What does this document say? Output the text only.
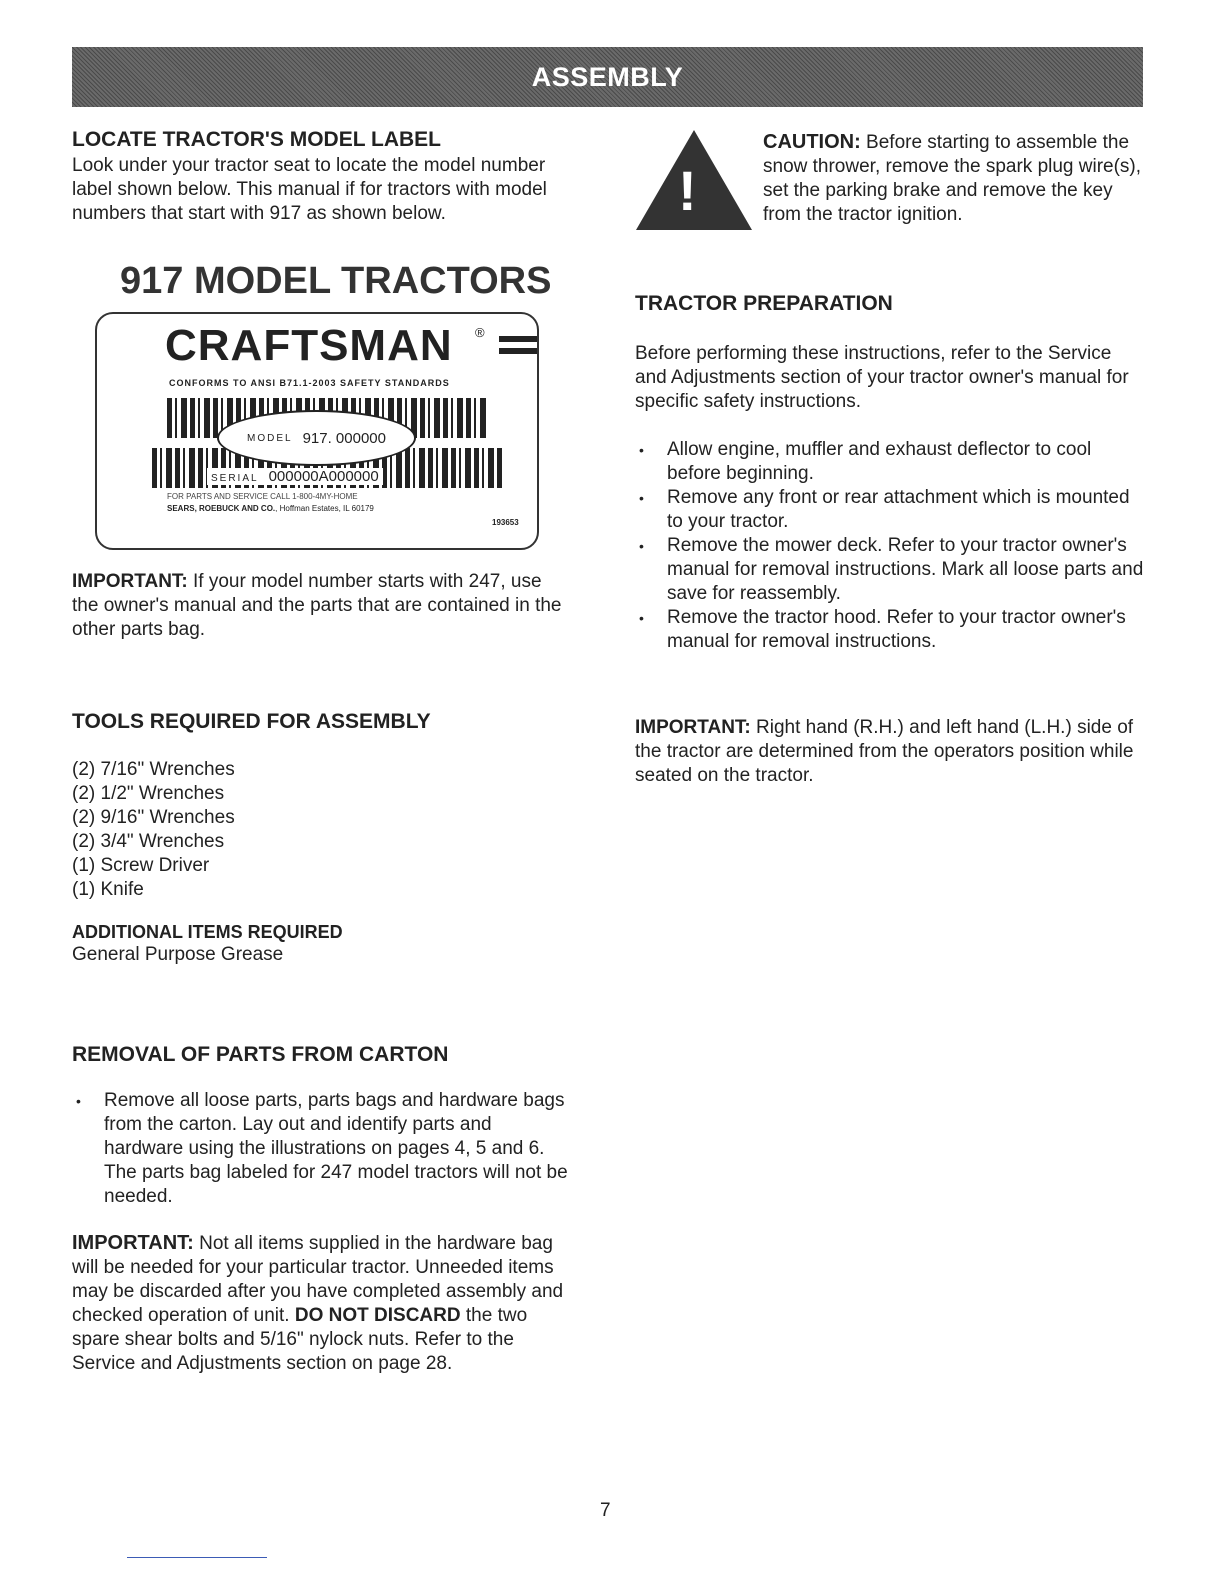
ASSEMBLY
LOCATE TRACTOR'S MODEL LABEL

Look under your tractor seat to locate the model number label shown below. This manual if for tractors with model numbers that start with 917 as shown below.

917 MODEL TRACTORS
CRAFTSMAN ®
CONFORMS TO ANSI B71.1-2003 SAFETY STANDARDS
MODEL 917. 000000
SERIAL 000000A000000
FOR PARTS AND SERVICE CALL 1-800-4MY-HOME
SEARS, ROEBUCK AND CO., Hoffman Estates, IL 60179
193653

IMPORTANT: If your model number starts with 247, use the owner's manual and the parts that are contained in the other parts bag.

!

CAUTION: Before starting to assemble the snow thrower, remove the spark plug wire(s), set the parking brake and remove the key from the tractor ignition.

TRACTOR PREPARATION

Before performing these instructions, refer to the Service and Adjustments section of your tractor owner's manual for specific safety instructions.

• Allow engine, muffler and exhaust deflector to cool before beginning.
• Remove any front or rear attachment which is mounted to your tractor.
• Remove the mower deck. Refer to your tractor owner's manual for removal instructions. Mark all loose parts and save for reassembly.
• Remove the tractor hood. Refer to your tractor owner's manual for removal instructions.

IMPORTANT: Right hand (R.H.) and left hand (L.H.) side of the tractor are determined from the operators position while seated on the tractor.

TOOLS REQUIRED FOR ASSEMBLY
(2) 7/16" Wrenches
(2) 1/2" Wrenches
(2) 9/16" Wrenches
(2) 3/4" Wrenches
(1) Screw Driver
(1) Knife
ADDITIONAL ITEMS REQUIRED

General Purpose Grease

REMOVAL OF PARTS FROM CARTON
• Remove all loose parts, parts bags and hardware bags from the carton. Lay out and identify parts and hardware using the illustrations on pages 4, 5 and 6. The parts bag labeled for 247 model tractors will not be needed.

IMPORTANT: Not all items supplied in the hardware bag will be needed for your particular tractor. Unneeded items may be discarded after you have completed assembly and checked operation of unit. DO NOT DISCARD the two spare shear bolts and 5/16" nylock nuts. Refer to the Service and Adjustments section on page 28.

7
